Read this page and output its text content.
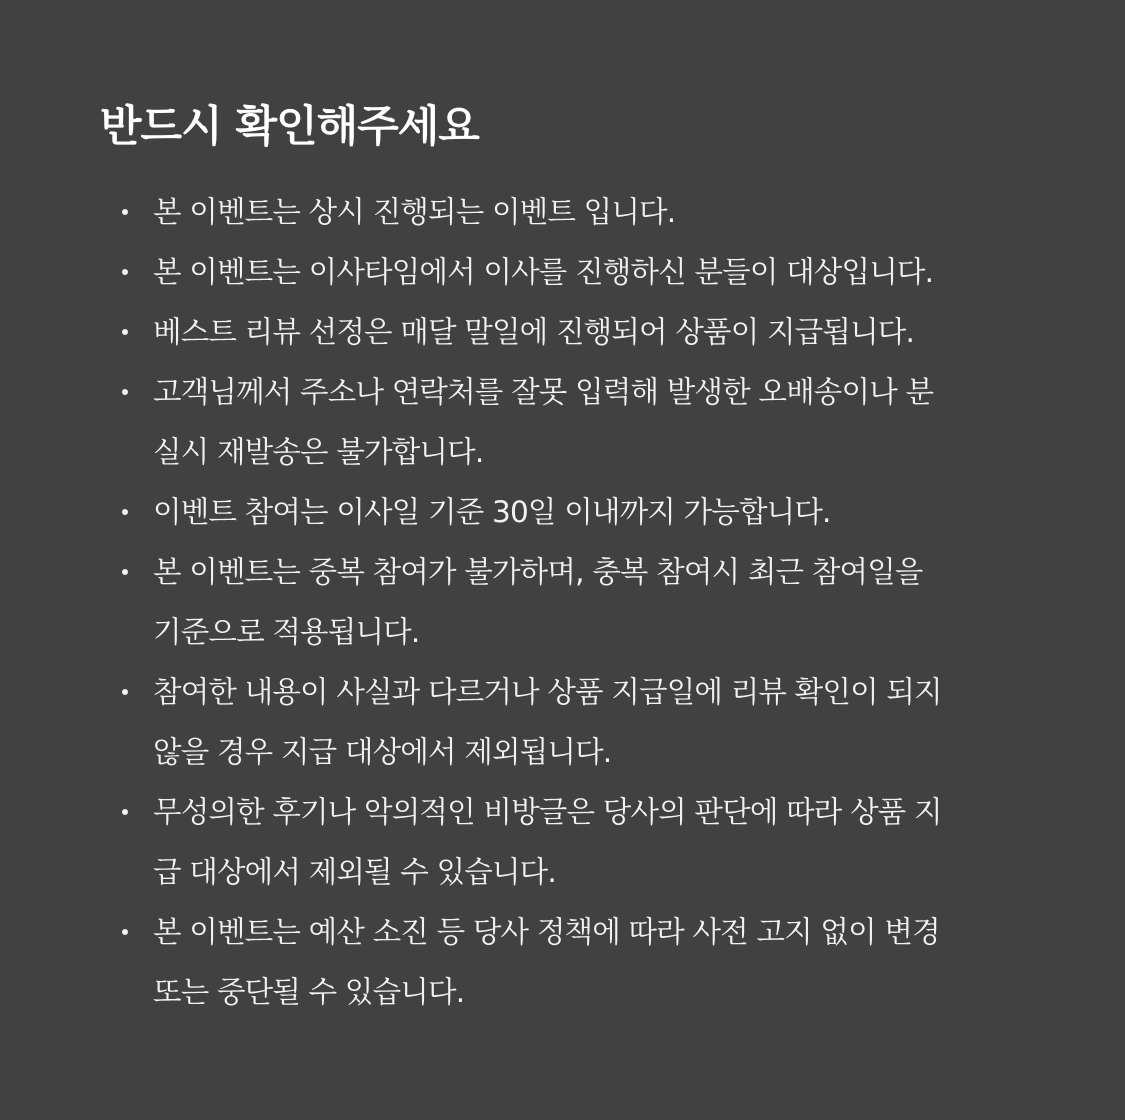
반드시 확인해주세요
본 이벤트는 상시 진행되는 이벤트 입니다.
본 이벤트는 이사타임에서 이사를 진행하신 분들이 대상입니다.
베스트 리뷰 선정은 매달 말일에 진행되어 상품이 지급됩니다.
고객님께서 주소나 연락처를 잘못 입력해 발생한 오배송이나 분
실시 재발송은 불가합니다.
이벤트 참여는 이사일 기준 30일 이내까지 가능합니다.
본 이벤트는 중복 참여가 불가하며, 충복 참여시 최근 참여일을
기준으로 적용됩니다.
참여한 내용이 사실과 다르거나 상품 지급일에 리뷰 확인이 되지
않을 경우 지급 대상에서 제외됩니다.
무성의한 후기나 악의적인 비방글은 당사의 판단에 따라 상품 지
급 대상에서 제외될 수 있습니다.
본 이벤트는 예산 소진 등 당사 정책에 따라 사전 고지 없이 변경
또는 중단될 수 있습니다.
